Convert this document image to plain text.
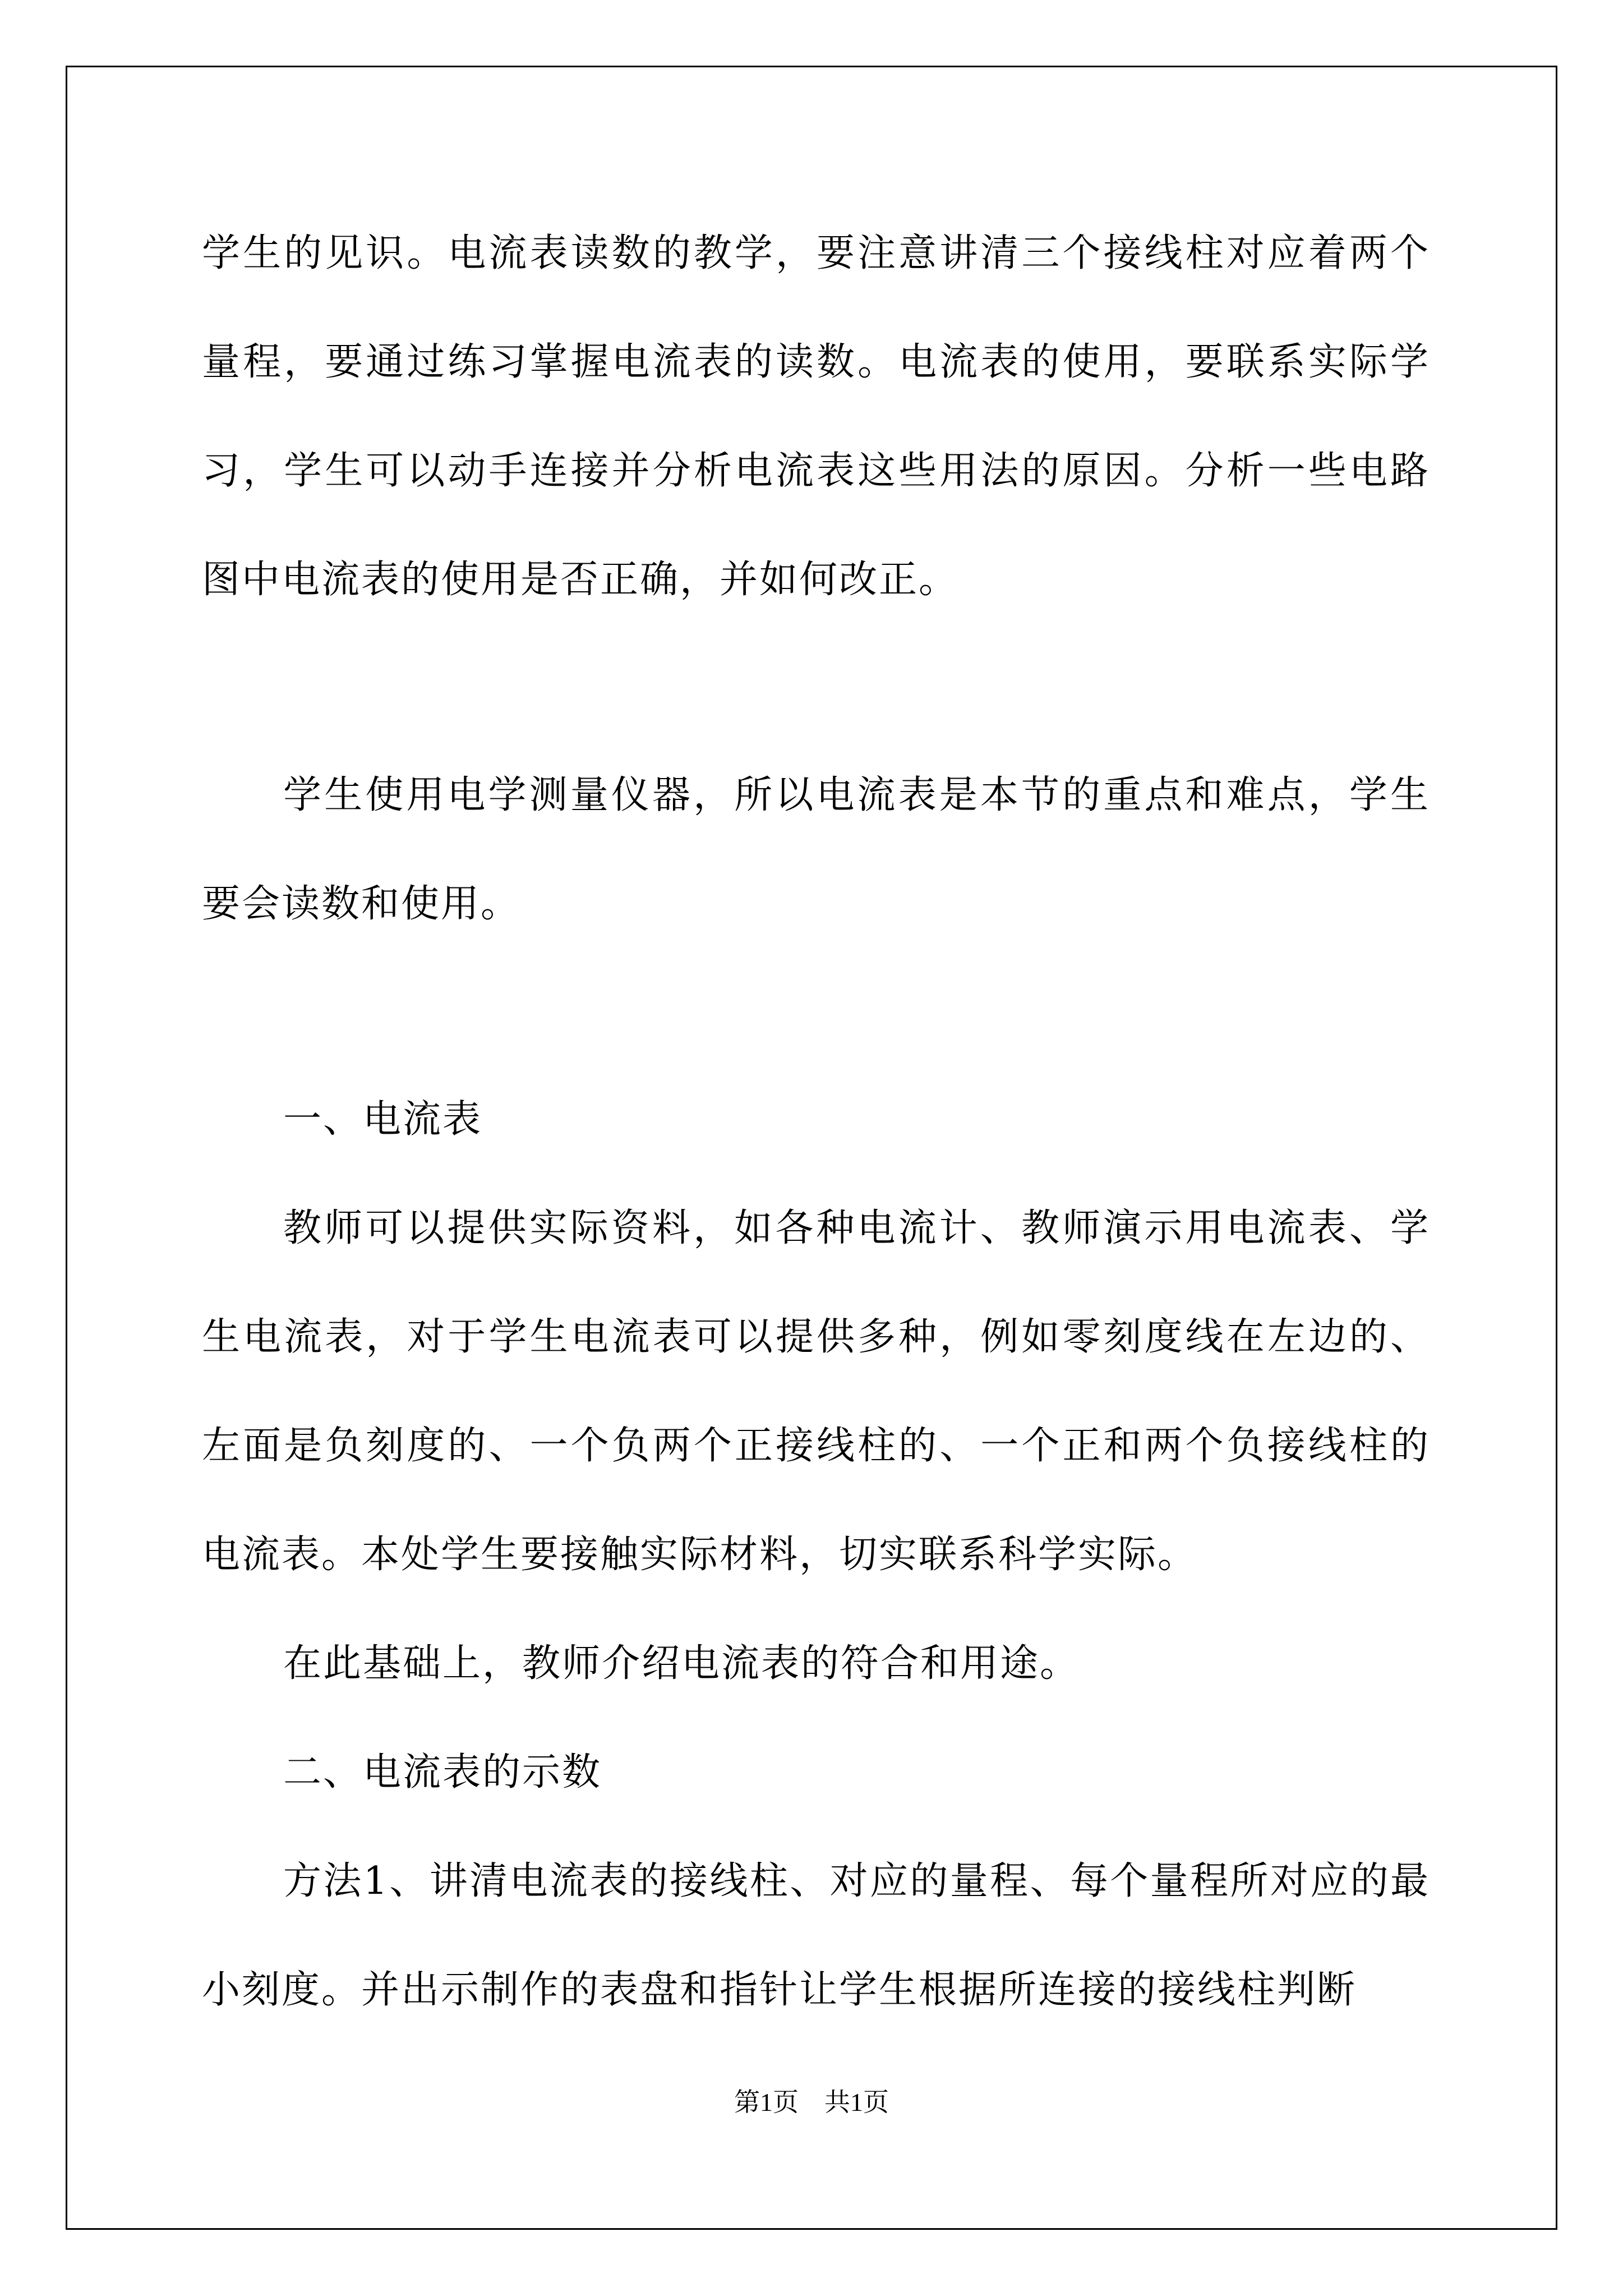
学生的见识。电流表读数的教学，要注意讲清三个接线柱对应着两个量程，要通过练习掌握电流表的读数。电流表的使用，要联系实际学习，学生可以动手连接并分析电流表这些用法的原因。分析一些电路图中电流表的使用是否正确，并如何改正。

学生使用电学测量仪器，所以电流表是本节的重点和难点，学生要会读数和使用。

一、电流表

教师可以提供实际资料，如各种电流计、教师演示用电流表、学生电流表，对于学生电流表可以提供多种，例如零刻度线在左边的、左面是负刻度的、一个负两个正接线柱的、一个正和两个负接线柱的电流表。本处学生要接触实际材料，切实联系科学实际。

在此基础上，教师介绍电流表的符合和用途。

二、电流表的示数

方法1、讲清电流表的接线柱、对应的量程、每个量程所对应的最小刻度。并出示制作的表盘和指针让学生根据所连接的接线柱判断

第1页　共1页
